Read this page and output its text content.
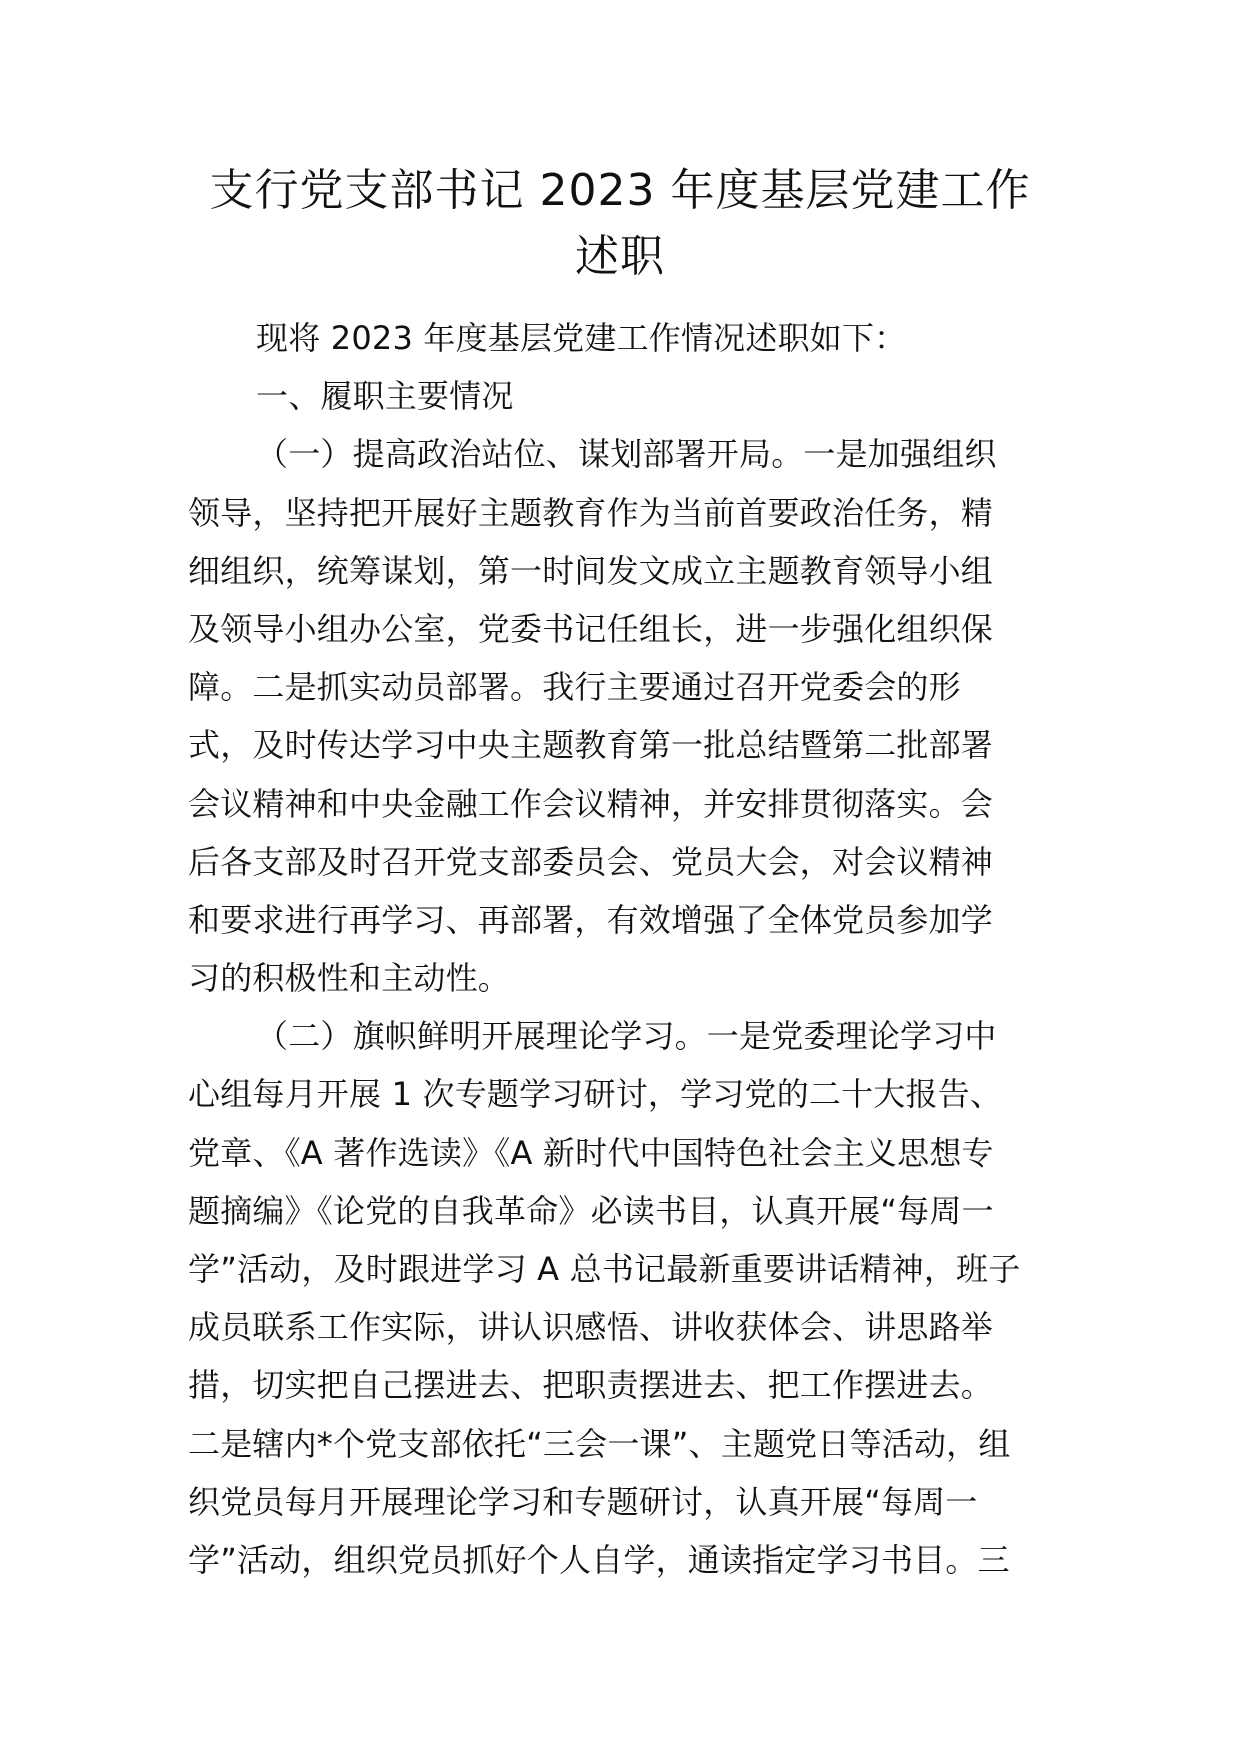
支行党支部书记 2023 年度基层党建工作
述职
现将 2023 年度基层党建工作情况述职如下：
一、履职主要情况
（一）提高政治站位、谋划部署开局。一是加强组织
领导，坚持把开展好主题教育作为当前首要政治任务，精
细组织，统筹谋划，第一时间发文成立主题教育领导小组
及领导小组办公室，党委书记任组长，进一步强化组织保
障。二是抓实动员部署。我行主要通过召开党委会的形
式，及时传达学习中央主题教育第一批总结暨第二批部署
会议精神和中央金融工作会议精神，并安排贯彻落实。会
后各支部及时召开党支部委员会、党员大会，对会议精神
和要求进行再学习、再部署，有效增强了全体党员参加学
习的积极性和主动性。
（二）旗帜鲜明开展理论学习。一是党委理论学习中
心组每月开展 1 次专题学习研讨，学习党的二十大报告、
党章、《A 著作选读》《A 新时代中国特色社会主义思想专
题摘编》《论党的自我革命》必读书目，认真开展“每周一
学”活动，及时跟进学习 A 总书记最新重要讲话精神，班子
成员联系工作实际，讲认识感悟、讲收获体会、讲思路举
措，切实把自己摆进去、把职责摆进去、把工作摆进去。
二是辖内*个党支部依托“三会一课”、主题党日等活动，组
织党员每月开展理论学习和专题研讨，认真开展“每周一
学”活动，组织党员抓好个人自学，通读指定学习书目。三
